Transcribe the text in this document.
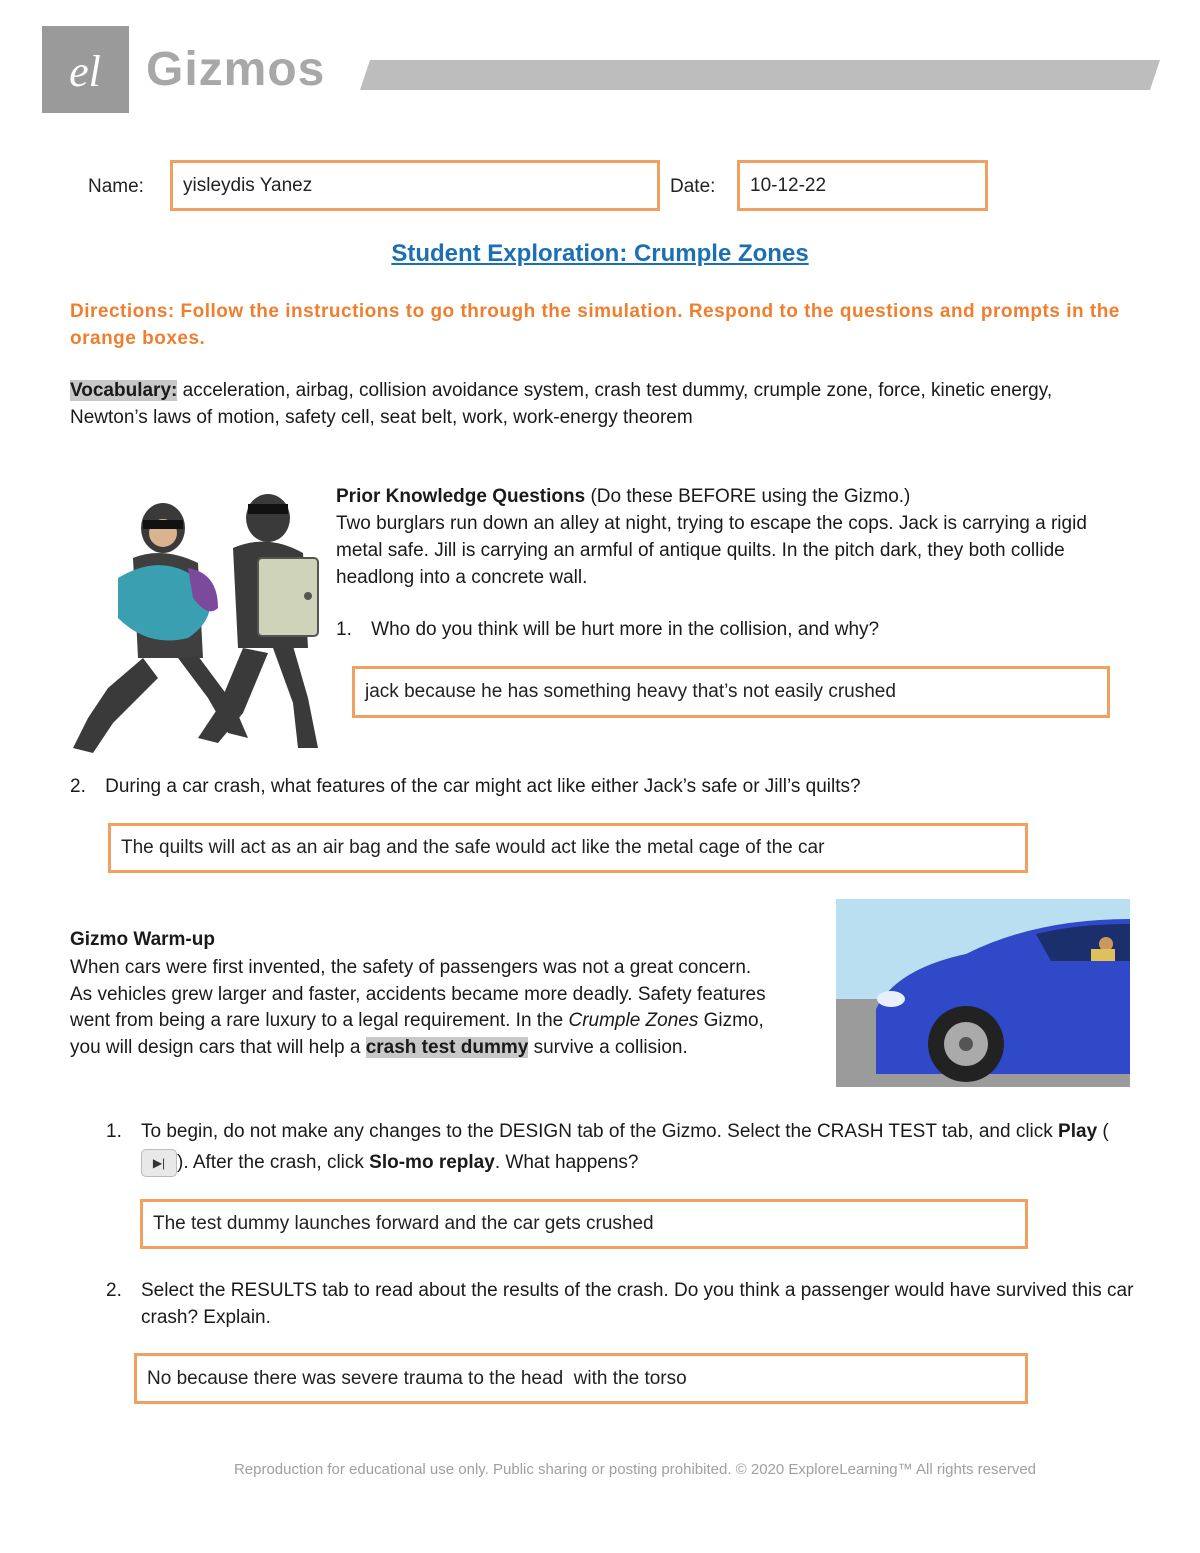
el Gizmos
Name: yisleydis Yanez	Date: 10-12-22
Student Exploration: Crumple Zones
Directions: Follow the instructions to go through the simulation. Respond to the questions and prompts in the orange boxes.
Vocabulary: acceleration, airbag, collision avoidance system, crash test dummy, crumple zone, force, kinetic energy, Newton’s laws of motion, safety cell, seat belt, work, work-energy theorem
Prior Knowledge Questions (Do these BEFORE using the Gizmo.)
Two burglars run down an alley at night, trying to escape the cops. Jack is carrying a rigid metal safe. Jill is carrying an armful of antique quilts. In the pitch dark, they both collide headlong into a concrete wall.
1. Who do you think will be hurt more in the collision, and why?
jack because he has something heavy that’s not easily crushed
2. During a car crash, what features of the car might act like either Jack’s safe or Jill’s quilts?
The quilts will act as an air bag and the safe would act like the metal cage of the car
Gizmo Warm-up
When cars were first invented, the safety of passengers was not a great concern. As vehicles grew larger and faster, accidents became more deadly. Safety features went from being a rare luxury to a legal requirement. In the Crumple Zones Gizmo, you will design cars that will help a crash test dummy survive a collision.
1. To begin, do not make any changes to the DESIGN tab of the Gizmo. Select the CRASH TEST tab, and click Play (▶| ). After the crash, click Slo-mo replay. What happens?
The test dummy launches forward and the car gets crushed
2. Select the RESULTS tab to read about the results of the crash. Do you think a passenger would have survived this car crash? Explain.
No because there was severe trauma to the head  with the torso
Reproduction for educational use only. Public sharing or posting prohibited. © 2020 ExploreLearning™ All rights reserved
